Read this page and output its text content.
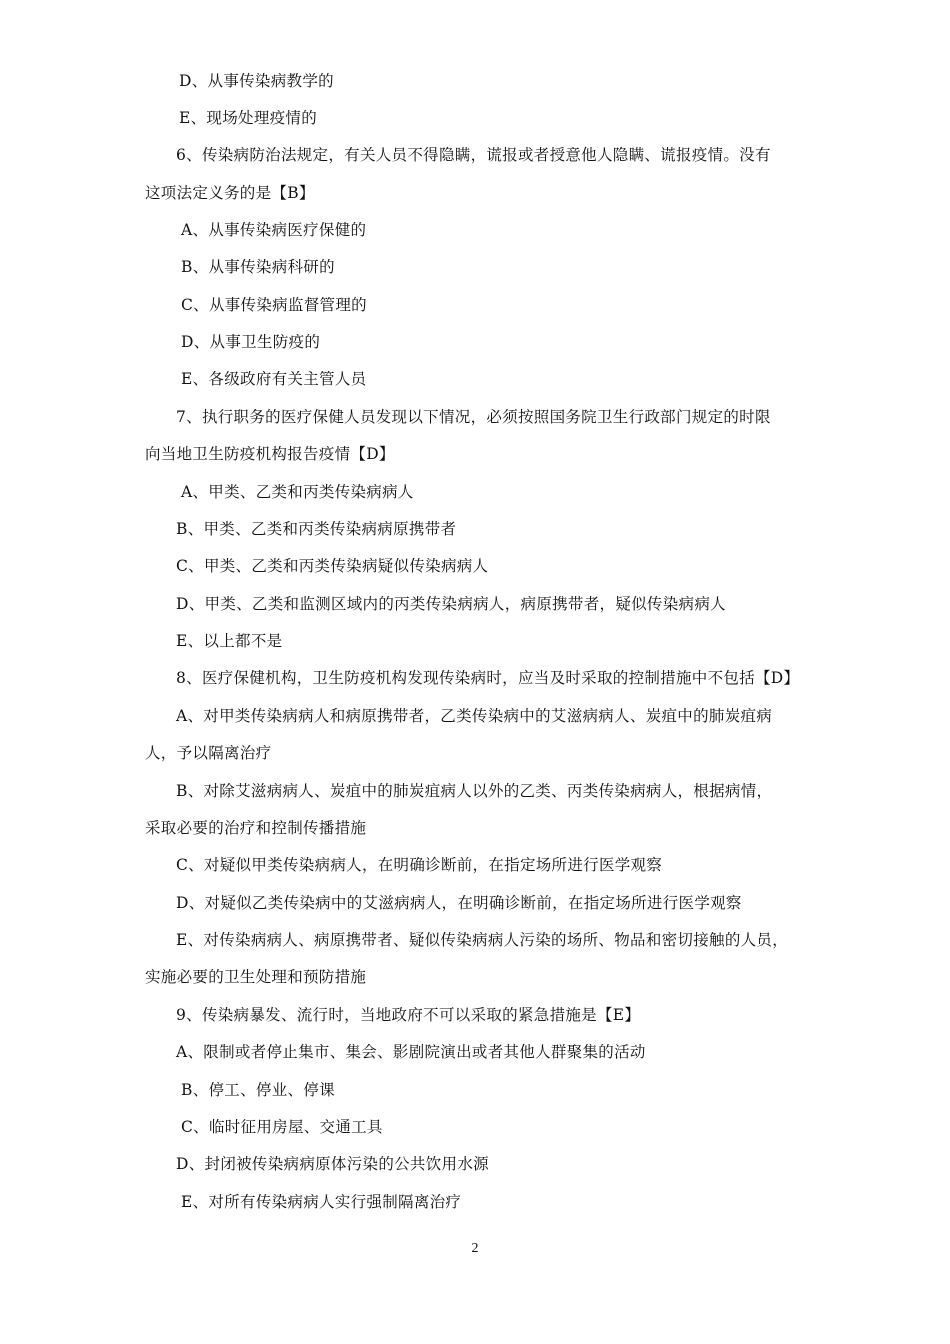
D、从事传染病教学的
E、现场处理疫情的
6、传染病防治法规定，有关人员不得隐瞒，谎报或者授意他人隐瞒、谎报疫情。没有
这项法定义务的是【B】
A、从事传染病医疗保健的
B、从事传染病科研的
C、从事传染病监督管理的
D、从事卫生防疫的
E、各级政府有关主管人员
7、执行职务的医疗保健人员发现以下情况，必须按照国务院卫生行政部门规定的时限
向当地卫生防疫机构报告疫情【D】
A、甲类、乙类和丙类传染病病人
B、甲类、乙类和丙类传染病病原携带者
C、甲类、乙类和丙类传染病疑似传染病病人
D、甲类、乙类和监测区域内的丙类传染病病人，病原携带者，疑似传染病病人
E、以上都不是
8、医疗保健机构，卫生防疫机构发现传染病时，应当及时采取的控制措施中不包括【D】
A、对甲类传染病病人和病原携带者，乙类传染病中的艾滋病病人、炭疽中的肺炭疽病
人，予以隔离治疗
B、对除艾滋病病人、炭疽中的肺炭疽病人以外的乙类、丙类传染病病人，根据病情，
采取必要的治疗和控制传播措施
C、对疑似甲类传染病病人，在明确诊断前，在指定场所进行医学观察
D、对疑似乙类传染病中的艾滋病病人，在明确诊断前，在指定场所进行医学观察
E、对传染病病人、病原携带者、疑似传染病病人污染的场所、物品和密切接触的人员，
实施必要的卫生处理和预防措施
9、传染病暴发、流行时，当地政府不可以采取的紧急措施是【E】
A、限制或者停止集市、集会、影剧院演出或者其他人群聚集的活动
B、停工、停业、停课
C、临时征用房屋、交通工具
D、封闭被传染病病原体污染的公共饮用水源
E、对所有传染病病人实行强制隔离治疗
2
